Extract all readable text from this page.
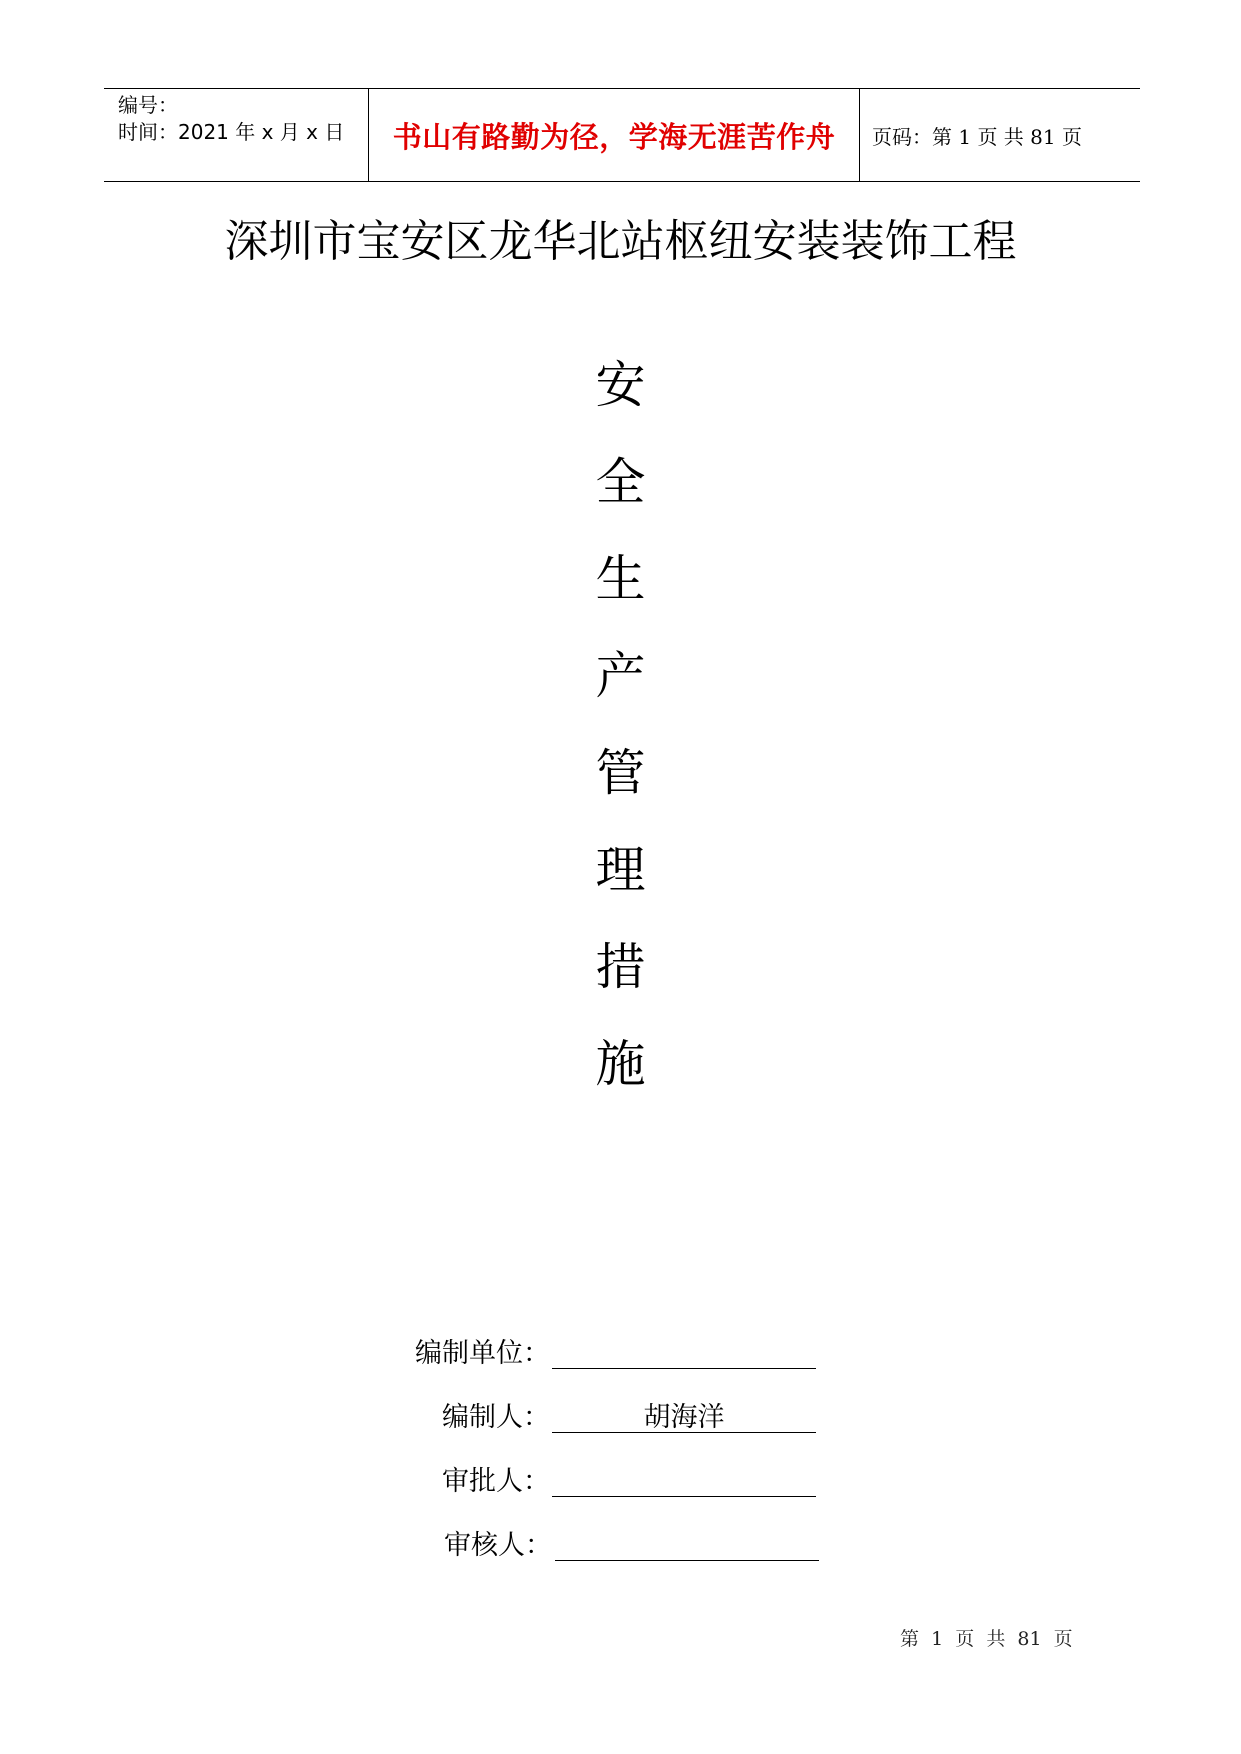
编号：
时间：2021 年 x 月 x 日 书山有路勤为径，学海无涯苦作舟 页码：第 1 页 共 81 页
深圳市宝安区龙华北站枢纽安装装饰工程
安
全
生
产
管
理
措
施
编制单位：
编制人：	胡海洋
审批人：
审核人：
第  1  页  共  81  页
